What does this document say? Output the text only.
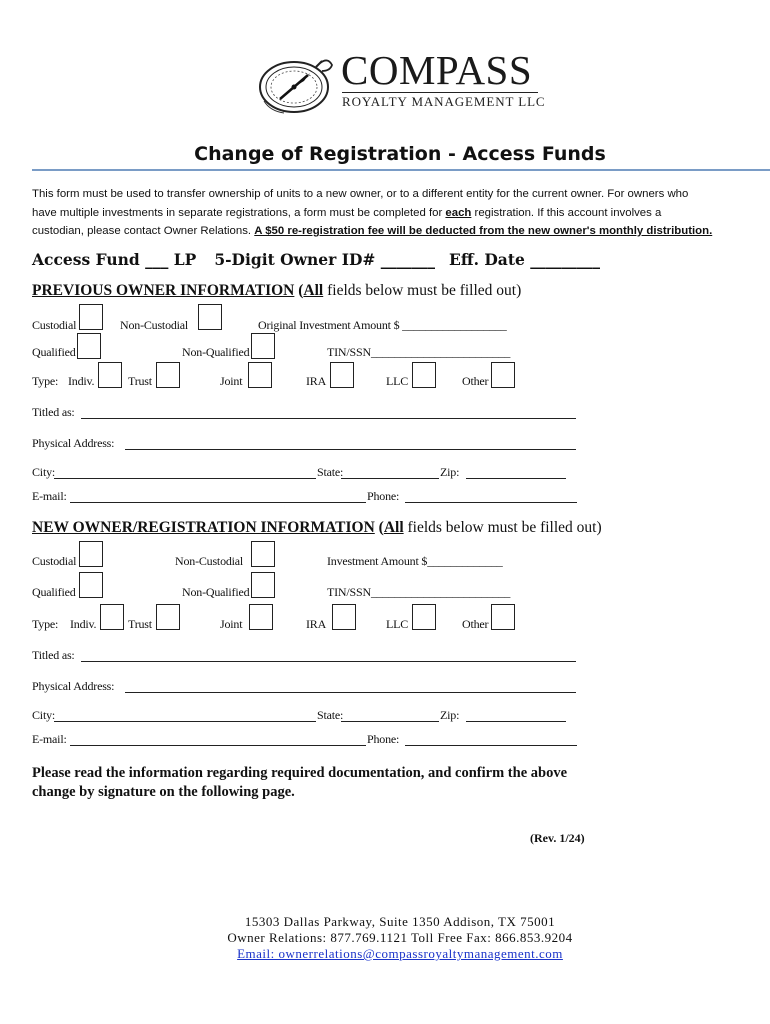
COMPASS
ROYALTY MANAGEMENT LLC
Change of Registration - Access Funds
This form must be used to transfer ownership of units to a new owner, or to a different entity for the current owner. For owners who
have multiple investments in separate registrations, a form must be completed for each registration. If this account involves a
custodian, please contact Owner Relations. A $50 re-registration fee will be deducted from the new owner's monthly distribution.
Access Fund ___ LP 5-Digit Owner ID# _______ Eff. Date _________
PREVIOUS OWNER INFORMATION (All fields below must be filled out)
Custodial	Non-Custodial	Original Investment Amount $ __________________
Qualified	Non-Qualified	TIN/SSN________________________
Type: Indiv.	Trust	Joint	IRA	LLC	Other
Titled as:
Physical Address:
City:	State:	Zip:
E-mail:	Phone:
NEW OWNER/REGISTRATION INFORMATION (All fields below must be filled out)
Custodial	Non-Custodial	Investment Amount $_____________
Qualified	Non-Qualified	TIN/SSN________________________
Type: Indiv.	Trust	Joint	IRA	LLC	Other
Titled as:
Physical Address:
City:	State:	Zip:
E-mail:	Phone:
Please read the information regarding required documentation, and confirm the above
change by signature on the following page.
(Rev. 1/24)
15303 Dallas Parkway, Suite 1350 Addison, TX 75001
Owner Relations: 877.769.1121 Toll Free Fax: 866.853.9204
Email: ownerrelations@compassroyaltymanagement.com
